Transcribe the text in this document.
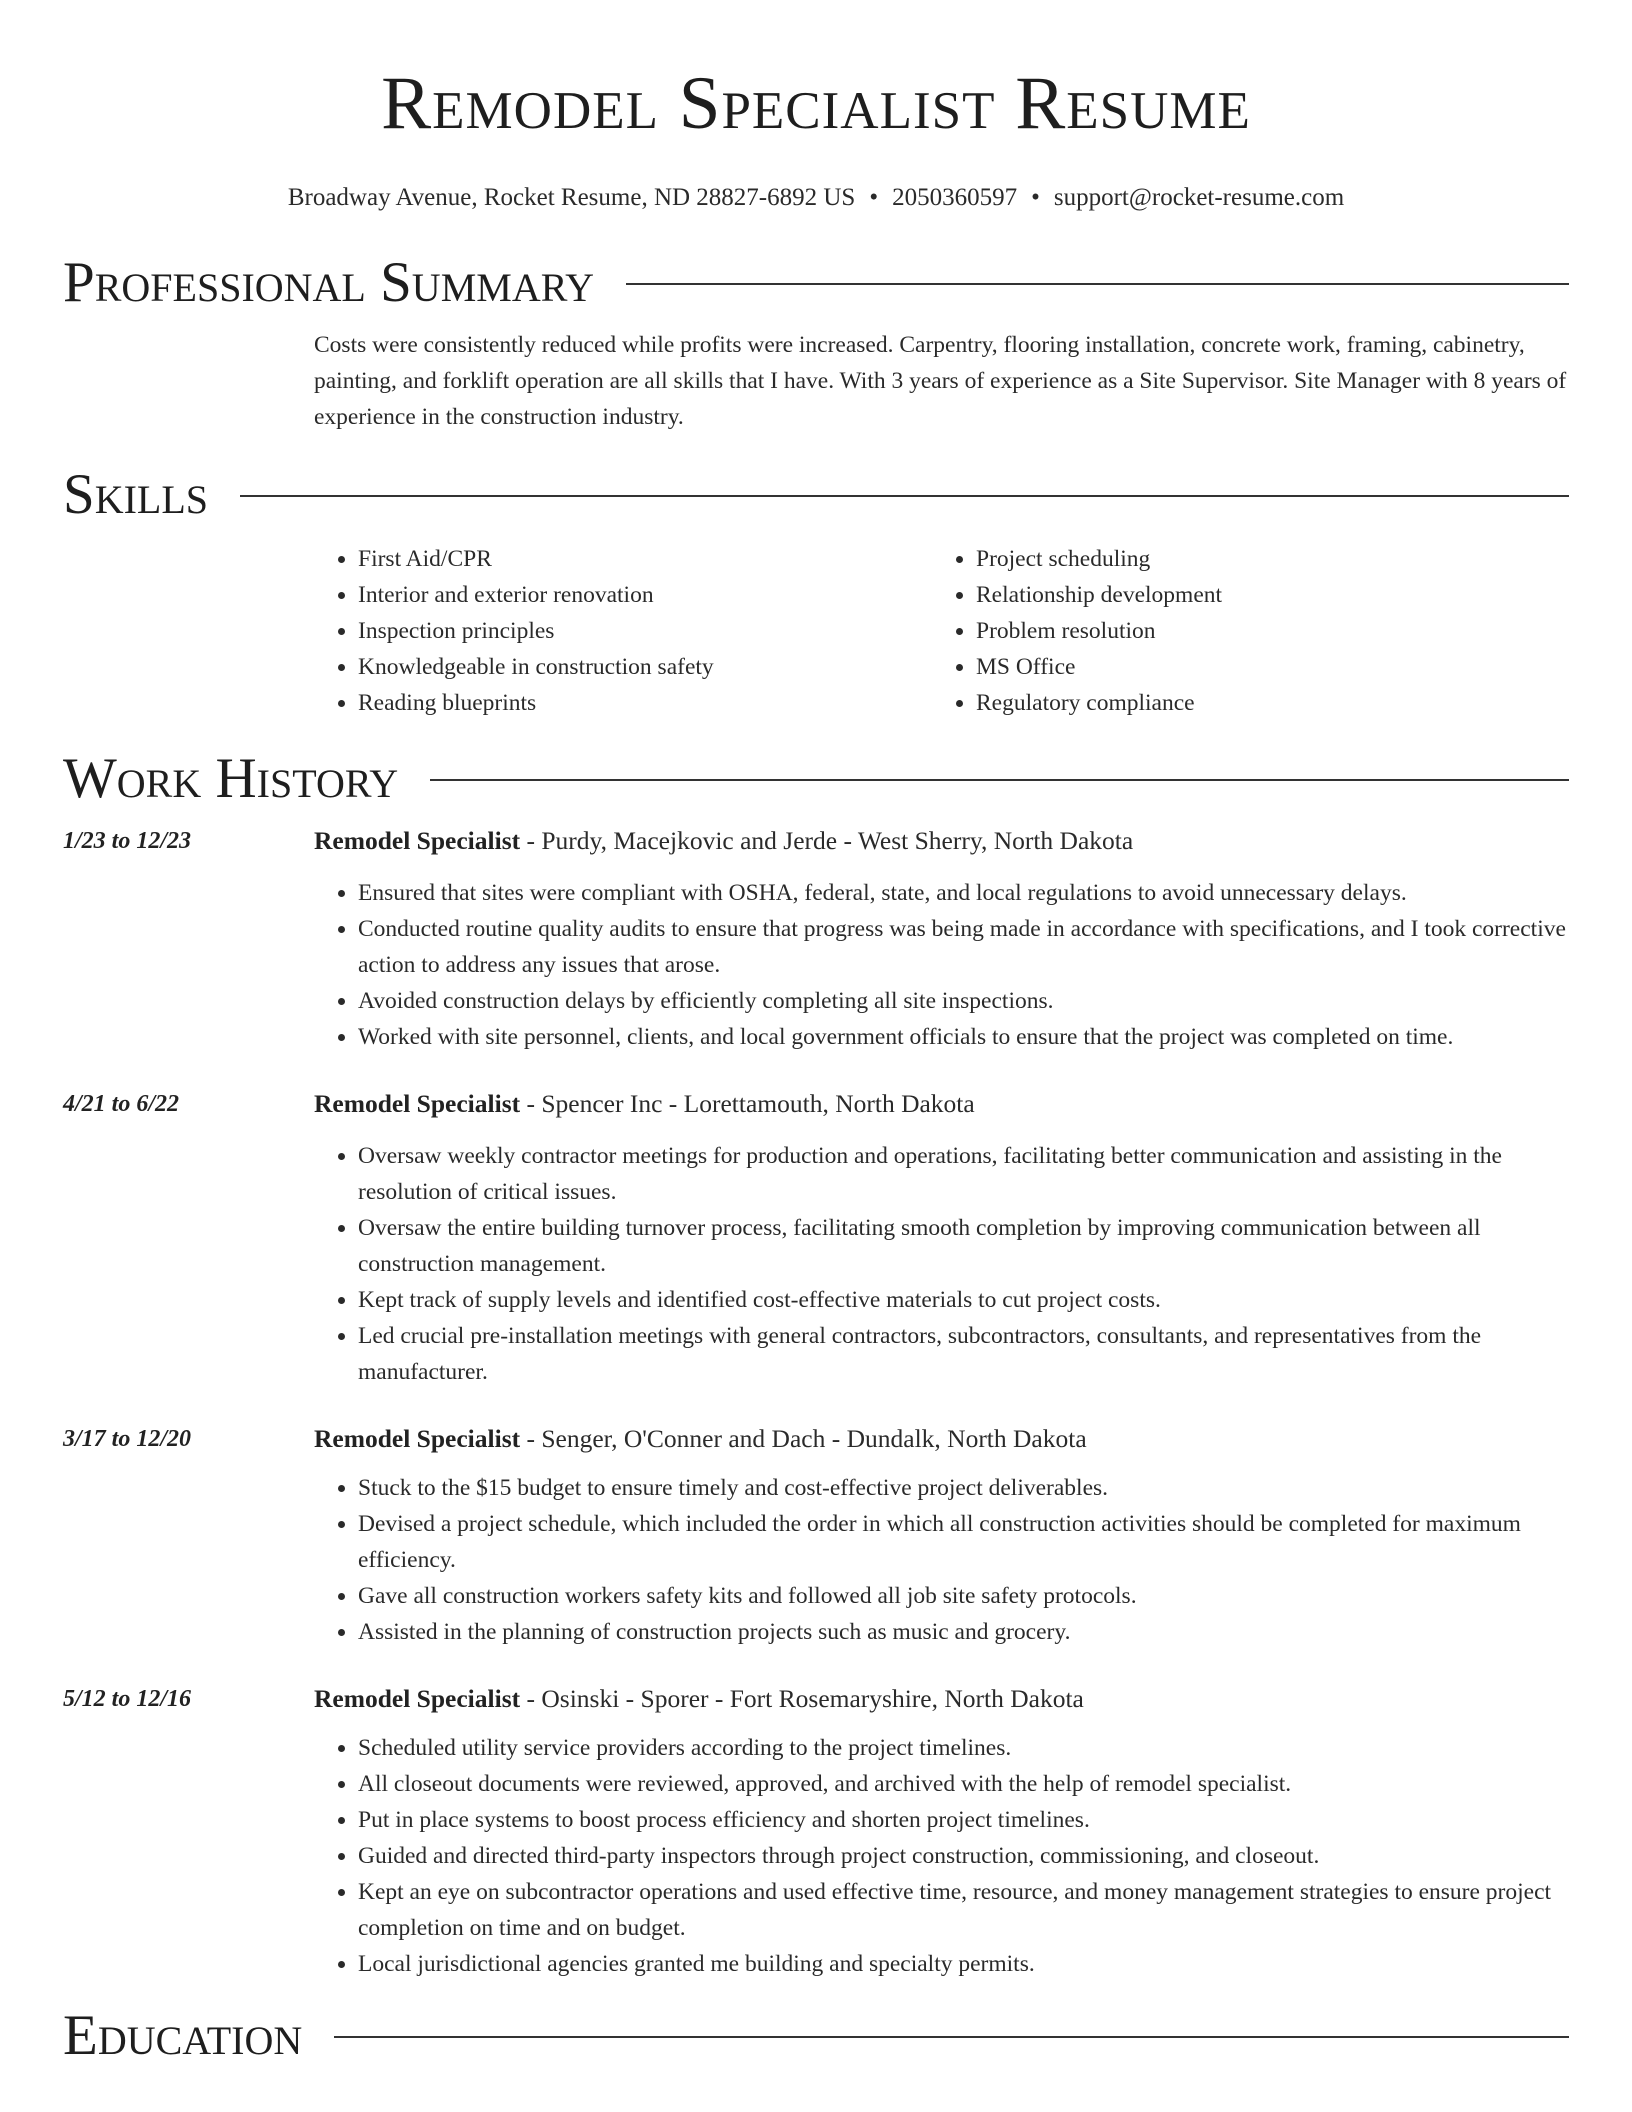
Remodel Specialist Resume
Broadway Avenue, Rocket Resume, ND 28827-6892 US • 2050360597 • support@rocket-resume.com
Professional Summary
Costs were consistently reduced while profits were increased. Carpentry, flooring installation, concrete work, framing, cabinetry, painting, and forklift operation are all skills that I have. With 3 years of experience as a Site Supervisor. Site Manager with 8 years of experience in the construction industry.
Skills
• First Aid/CPR
• Interior and exterior renovation
• Inspection principles
• Knowledgeable in construction safety
• Reading blueprints
• Project scheduling
• Relationship development
• Problem resolution
• MS Office
• Regulatory compliance
Work History
1/23 to 12/23	Remodel Specialist - Purdy, Macejkovic and Jerde - West Sherry, North Dakota
• Ensured that sites were compliant with OSHA, federal, state, and local regulations to avoid unnecessary delays.
• Conducted routine quality audits to ensure that progress was being made in accordance with specifications, and I took corrective action to address any issues that arose.
• Avoided construction delays by efficiently completing all site inspections.
• Worked with site personnel, clients, and local government officials to ensure that the project was completed on time.
4/21 to 6/22	Remodel Specialist - Spencer Inc - Lorettamouth, North Dakota
• Oversaw weekly contractor meetings for production and operations, facilitating better communication and assisting in the resolution of critical issues.
• Oversaw the entire building turnover process, facilitating smooth completion by improving communication between all construction management.
• Kept track of supply levels and identified cost-effective materials to cut project costs.
• Led crucial pre-installation meetings with general contractors, subcontractors, consultants, and representatives from the manufacturer.
3/17 to 12/20	Remodel Specialist - Senger, O'Conner and Dach - Dundalk, North Dakota
• Stuck to the $15 budget to ensure timely and cost-effective project deliverables.
• Devised a project schedule, which included the order in which all construction activities should be completed for maximum efficiency.
• Gave all construction workers safety kits and followed all job site safety protocols.
• Assisted in the planning of construction projects such as music and grocery.
5/12 to 12/16	Remodel Specialist - Osinski - Sporer - Fort Rosemaryshire, North Dakota
• Scheduled utility service providers according to the project timelines.
• All closeout documents were reviewed, approved, and archived with the help of remodel specialist.
• Put in place systems to boost process efficiency and shorten project timelines.
• Guided and directed third-party inspectors through project construction, commissioning, and closeout.
• Kept an eye on subcontractor operations and used effective time, resource, and money management strategies to ensure project completion on time and on budget.
• Local jurisdictional agencies granted me building and specialty permits.
Education
